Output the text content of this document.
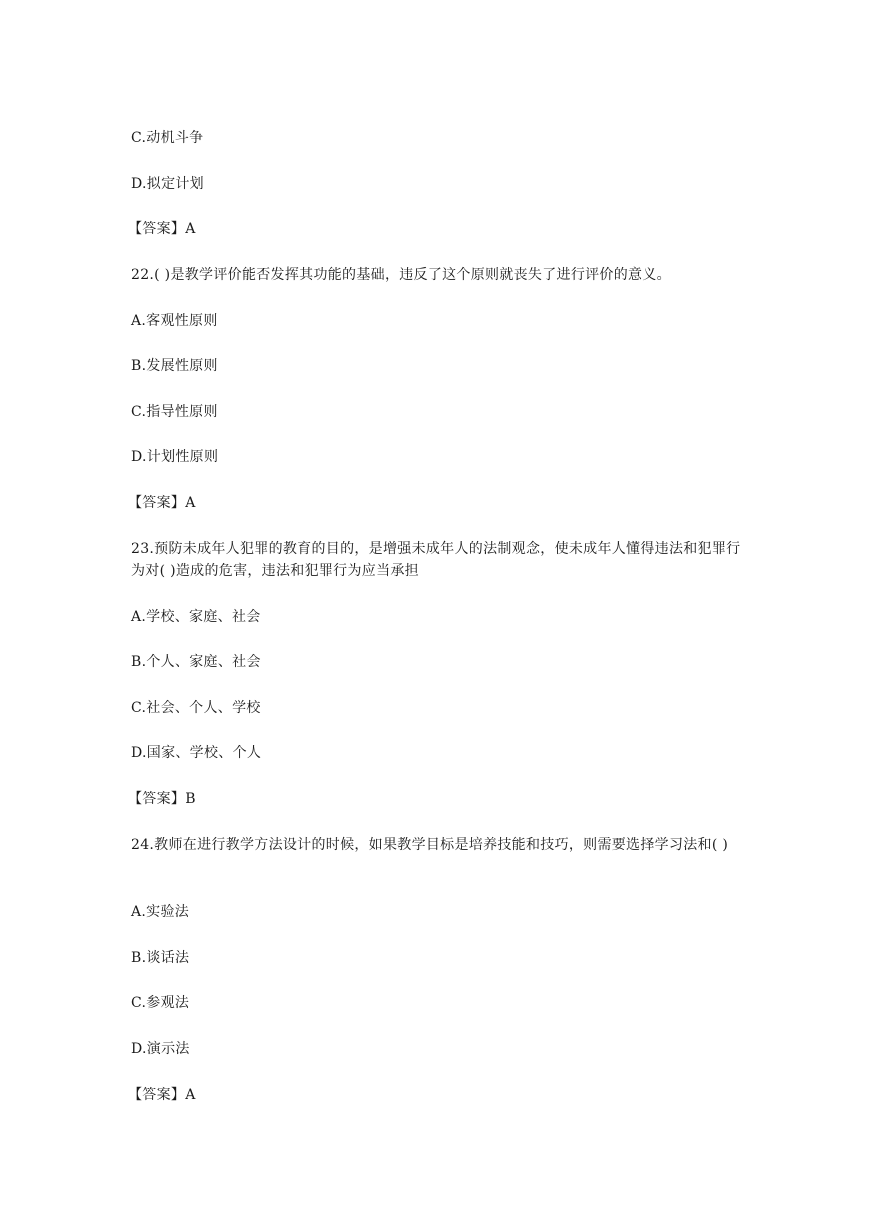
C.动机斗争
D.拟定计划
【答案】A
22.( )是教学评价能否发挥其功能的基础，违反了这个原则就丧失了进行评价的意义。
A.客观性原则
B.发展性原则
C.指导性原则
D.计划性原则
【答案】A
23.预防未成年人犯罪的教育的目的，是增强未成年人的法制观念，使未成年人懂得违法和犯罪行为对( )造成的危害，违法和犯罪行为应当承担
A.学校、家庭、社会
B.个人、家庭、社会
C.社会、个人、学校
D.国家、学校、个人
【答案】B
24.教师在进行教学方法设计的时候，如果教学目标是培养技能和技巧，则需要选择学习法和( )
A.实验法
B.谈话法
C.参观法
D.演示法
【答案】A
